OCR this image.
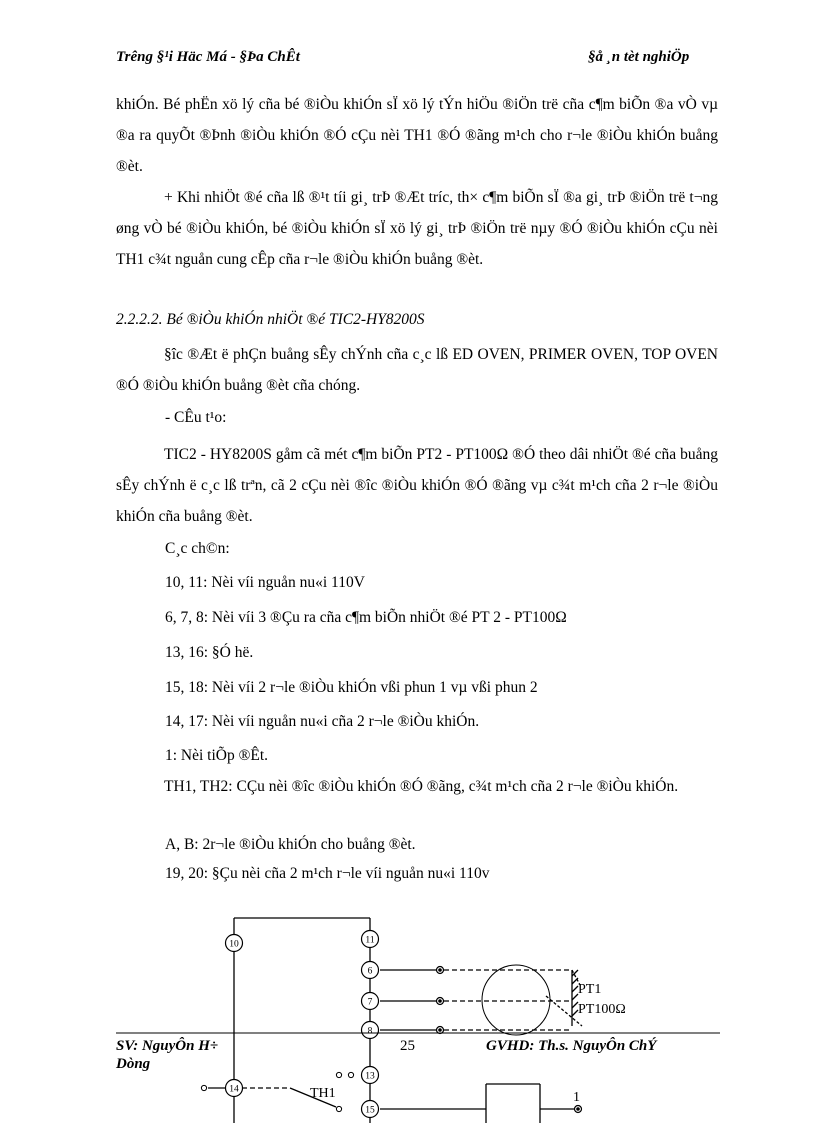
Trêng §¹i Häc Má - §Þa ChÊt	§å ¸n tèt nghiÖp
khiÓn. Bé phËn xö lý cña bé ®iÒu khiÓn sÏ xö lý tÝn hiÖu ®iÖn trë cña c¶m biÕn ®a vÒ vµ ®a ra quyÕt ®Þnh ®iÒu khiÓn ®Ó cÇu nèi TH1 ®Ó ®ãng m¹ch cho r¬le ®iÒu khiÓn buång ®èt.
+ Khi nhiÖt ®é cña lß ®¹t tíi gi¸ trÞ ®Æt tríc, th× c¶m biÕn sÏ ®a gi¸ trÞ ®iÖn trë t¬ng øng vÒ bé ®iÒu khiÓn, bé ®iÒu khiÓn sÏ xö lý gi¸ trÞ ®iÖn trë nµy ®Ó ®iÒu khiÓn cÇu nèi TH1 c¾t nguån cung cÊp cña r¬le ®iÒu khiÓn buång ®èt.
2.2.2.2. Bé ®iÒu khiÓn nhiÖt ®é TIC2-HY8200S
§îc ®Æt ë phÇn buång sÊy chÝnh cña c¸c lß ED OVEN, PRIMER OVEN, TOP OVEN ®Ó ®iÒu khiÓn buång ®èt cña chóng.
- CÊu t¹o:
TIC2 - HY8200S gåm cã mét c¶m biÕn PT2 - PT100Ω ®Ó theo dâi nhiÖt ®é cña buång sÊy chÝnh ë c¸c lß trªn, cã 2 cÇu nèi ®îc ®iÒu khiÓn ®Ó ®ãng vµ c¾t m¹ch cña 2 r¬le ®iÒu khiÓn cña buång ®èt.
C¸c ch©n:
10, 11: Nèi víi nguån nu«i 110V
6, 7, 8: Nèi víi 3 ®Çu ra cña c¶m biÕn nhiÖt ®é PT 2 - PT100Ω
13, 16: §Ó hë.
15, 18: Nèi víi 2 r¬le ®iÒu khiÓn vßi phun 1 vµ vßi phun 2
14, 17: Nèi víi nguån nu«i cña 2 r¬le ®iÒu khiÓn.
1: Nèi tiÕp ®Êt.
TH1, TH2: CÇu nèi ®îc ®iÒu khiÓn ®Ó ®ãng, c¾t m¹ch cña 2 r¬le ®iÒu khiÓn.
A, B: 2r¬le ®iÒu khiÓn cho buång ®èt.
19, 20: §Çu nèi cña 2 m¹ch r¬le víi nguån nu«i 110v
10	11
6
7
8
13
14
15
PT1
PT100Ω
TH1	1
SV: NguyÔn H÷
Dòng
25	GVHD: Th.s. NguyÔn ChÝ
